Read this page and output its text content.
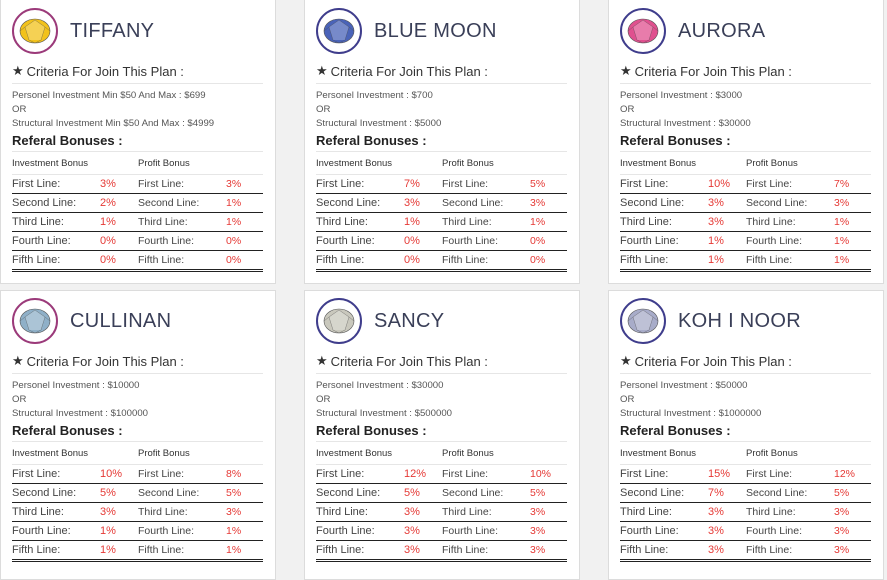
TIFFANY
★ Criteria For Join This Plan :
Personel Investment Min $50 And Max : $699
OR
Structural Investment Min $50 And Max : $4999
Referal Bonuses :
Investment Bonus	Profit Bonus
First Line:	3%	First Line:	3%
Second Line:	2%	Second Line:	1%
Third Line:	1%	Third Line:	1%
Fourth Line:	0%	Fourth Line:	0%
Fifth Line:	0%	Fifth Line:	0%
BLUE MOON
★ Criteria For Join This Plan :
Personel Investment : $700
OR
Structural Investment : $5000
Referal Bonuses :
Investment Bonus	Profit Bonus
First Line:	7%	First Line:	5%
Second Line:	3%	Second Line:	3%
Third Line:	1%	Third Line:	1%
Fourth Line:	0%	Fourth Line:	0%
Fifth Line:	0%	Fifth Line:	0%
AURORA
★ Criteria For Join This Plan :
Personel Investment : $3000
OR
Structural Investment : $30000
Referal Bonuses :
Investment Bonus	Profit Bonus
First Line:	10%	First Line:	7%
Second Line:	3%	Second Line:	3%
Third Line:	3%	Third Line:	1%
Fourth Line:	1%	Fourth Line:	1%
Fifth Line:	1%	Fifth Line:	1%
CULLINAN
★ Criteria For Join This Plan :
Personel Investment : $10000
OR
Structural Investment : $100000
Referal Bonuses :
Investment Bonus	Profit Bonus
First Line:	10%	First Line:	8%
Second Line:	5%	Second Line:	5%
Third Line:	3%	Third Line:	3%
Fourth Line:	1%	Fourth Line:	1%
Fifth Line:	1%	Fifth Line:	1%
SANCY
★ Criteria For Join This Plan :
Personel Investment : $30000
OR
Structural Investment : $500000
Referal Bonuses :
Investment Bonus	Profit Bonus
First Line:	12%	First Line:	10%
Second Line:	5%	Second Line:	5%
Third Line:	3%	Third Line:	3%
Fourth Line:	3%	Fourth Line:	3%
Fifth Line:	3%	Fifth Line:	3%
KOH I NOOR
★ Criteria For Join This Plan :
Personel Investment : $50000
OR
Structural Investment : $1000000
Referal Bonuses :
Investment Bonus	Profit Bonus
First Line:	15%	First Line:	12%
Second Line:	7%	Second Line:	5%
Third Line:	3%	Third Line:	3%
Fourth Line:	3%	Fourth Line:	3%
Fifth Line:	3%	Fifth Line:	3%
